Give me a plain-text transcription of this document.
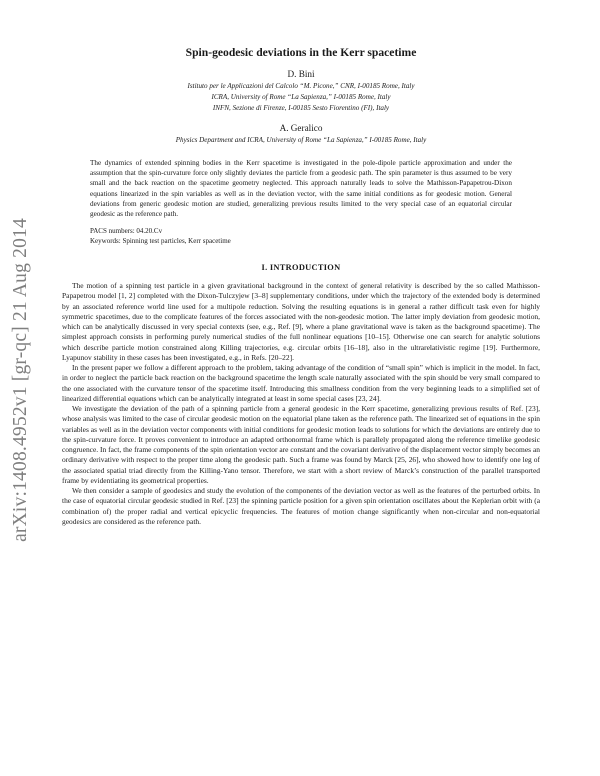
arXiv:1408.4952v1 [gr-qc] 21 Aug 2014
Spin-geodesic deviations in the Kerr spacetime
D. Bini
Istituto per le Applicazioni del Calcolo “M. Picone,” CNR, I-00185 Rome, Italy
ICRA, University of Rome “La Sapienza,” I-00185 Rome, Italy
INFN, Sezione di Firenze, I-00185 Sesto Fiorentino (FI), Italy
A. Geralico
Physics Department and ICRA, University of Rome “La Sapienza,” I-00185 Rome, Italy
The dynamics of extended spinning bodies in the Kerr spacetime is investigated in the pole-dipole particle approximation and under the assumption that the spin-curvature force only slightly deviates the particle from a geodesic path. The spin parameter is thus assumed to be very small and the back reaction on the spacetime geometry neglected. This approach naturally leads to solve the Mathisson-Papapetrou-Dixon equations linearized in the spin variables as well as in the deviation vector, with the same initial conditions as for geodesic motion. General deviations from generic geodesic motion are studied, generalizing previous results limited to the very special case of an equatorial circular geodesic as the reference path.
PACS numbers: 04.20.Cv
Keywords: Spinning test particles, Kerr spacetime
I. INTRODUCTION

The motion of a spinning test particle in a given gravitational background in the context of general relativity is described by the so called Mathisson-Papapetrou model [1, 2] completed with the Dixon-Tulczyjew [3–8] supplementary conditions, under which the trajectory of the extended body is determined by an associated reference world line used for a multipole reduction. Solving the resulting equations is in general a rather difficult task even for highly symmetric spacetimes, due to the complicate features of the forces associated with the non-geodesic motion. The latter imply deviation from geodesic motion, which can be analytically discussed in very special contexts (see, e.g., Ref. [9], where a plane gravitational wave is taken as the background spacetime). The simplest approach consists in performing purely numerical studies of the full nonlinear equations [10–15]. Otherwise one can search for analytic solutions which describe particle motion constrained along Killing trajectories, e.g. circular orbits [16–18], also in the ultrarelativistic regime [19]. Furthermore, Lyapunov stability in these cases has been investigated, e.g., in Refs. [20–22].

In the present paper we follow a different approach to the problem, taking advantage of the condition of “small spin” which is implicit in the model. In fact, in order to neglect the particle back reaction on the background spacetime the length scale naturally associated with the spin should be very small compared to the one associated with the curvature tensor of the spacetime itself. Introducing this smallness condition from the very beginning leads to a simplified set of linearized differential equations which can be analytically integrated at least in some special cases [23, 24].

We investigate the deviation of the path of a spinning particle from a general geodesic in the Kerr spacetime, generalizing previous results of Ref. [23], whose analysis was limited to the case of circular geodesic motion on the equatorial plane taken as the reference path. The linearized set of equations in the spin variables as well as in the deviation vector components with initial conditions for geodesic motion leads to solutions for which the deviations are entirely due to the spin-curvature force. It proves convenient to introduce an adapted orthonormal frame which is parallely propagated along the reference timelike geodesic congruence. In fact, the frame components of the spin orientation vector are constant and the covariant derivative of the displacement vector simply becomes an ordinary derivative with respect to the proper time along the geodesic path. Such a frame was found by Marck [25, 26], who showed how to identify one leg of the associated spatial triad directly from the Killing-Yano tensor. Therefore, we start with a short review of Marck’s construction of the parallel transported frame by evidentiating its geometrical properties.

We then consider a sample of geodesics and study the evolution of the components of the deviation vector as well as the features of the perturbed orbits. In the case of equatorial circular geodesic studied in Ref. [23] the spinning particle position for a given spin orientation oscillates about the Keplerian orbit with (a combination of) the proper radial and vertical epicyclic frequencies. The features of motion change significantly when non-circular and non-equatorial geodesics are considered as the reference path.
